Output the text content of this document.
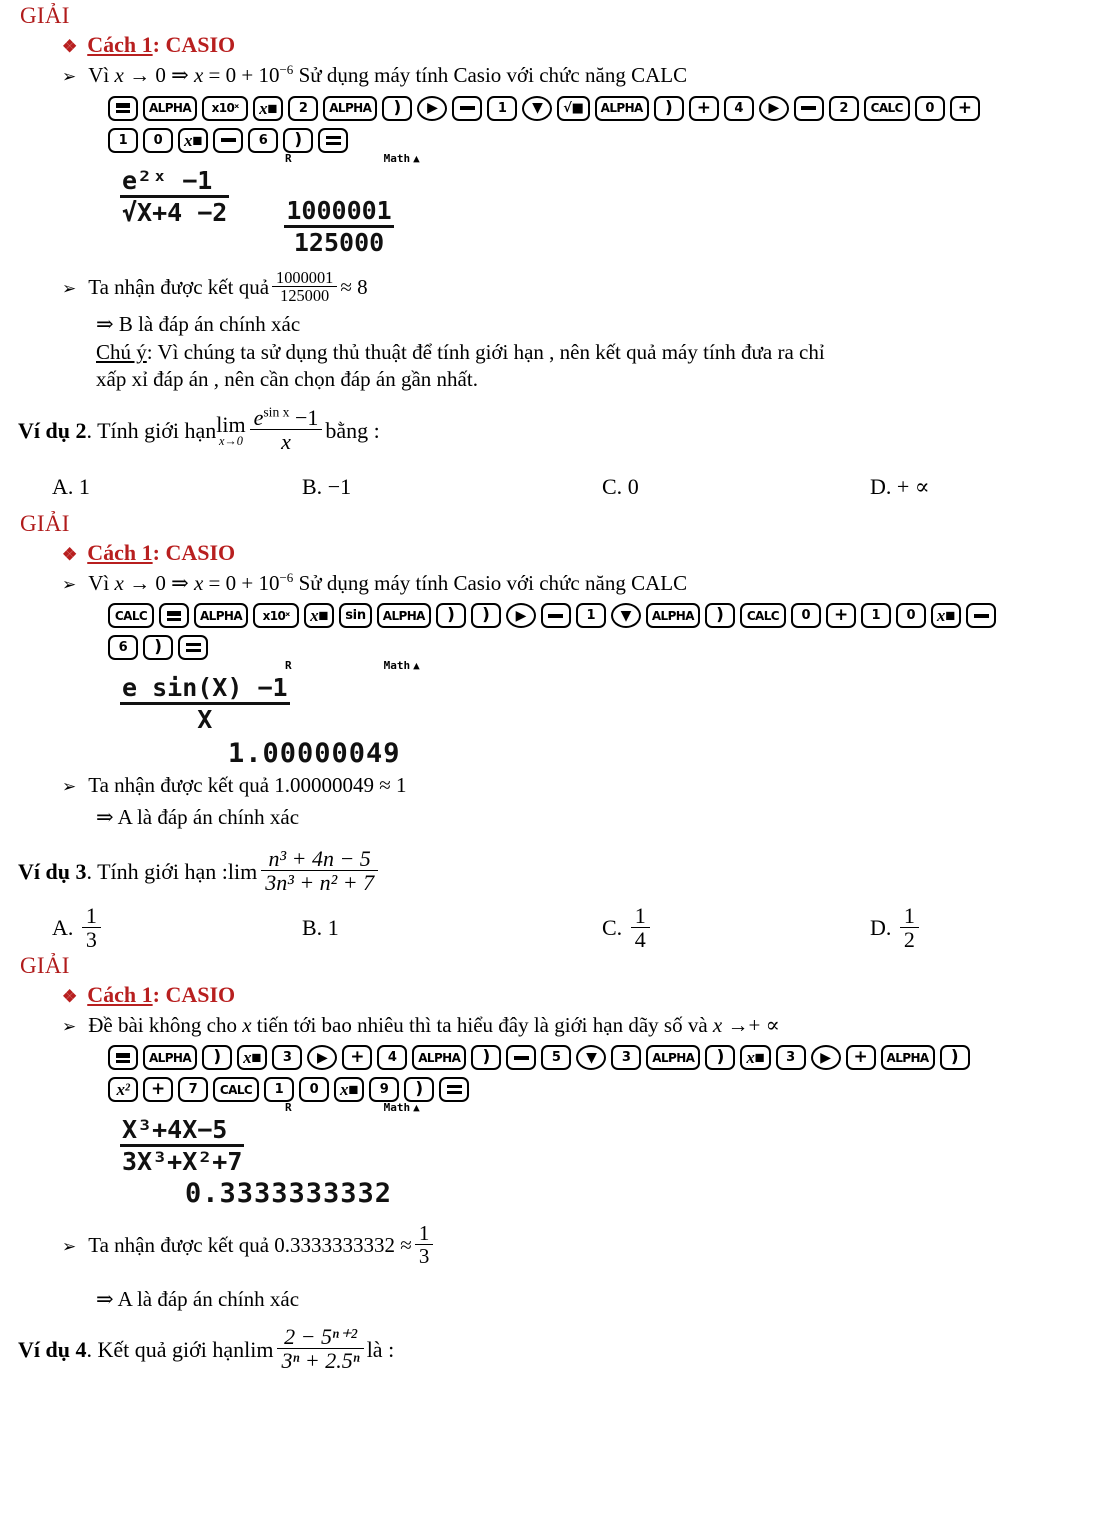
GIẢI
❖ Cách 1: CASIO
➢ Vì x → 0 ⇒ $x = 0 + 10^{-6}$ Sử dụng máy tính Casio với chức năng CALC
ALPHA	x10ˣ	x■	2	ALPHA	)	▶	1	▼	√■	ALPHA	)	+	4	▶	2	CALC	0	+
1	0	x■	6	)
R	Math ▲
$\frac{\text{e²ˣ −1}}{√X+4 -2}$
$\frac{1000001}{125000}$
➢ Ta nhận được kết quả $\frac{1000001}{125000}$ ≈
8
⇒ B là đáp án chính xác
Chú ý: Vì chúng ta sử dụng thủ thuật để tính giới hạn , nên kết quả máy tính đưa ra chỉ
xấp xỉ đáp án , nên cần chọn đáp án gần nhất.
Ví dụ 2 . Tính giới hạn lim
$x\to 0 \frac{e^{sin x} -1}{x}$ bằng :
A.
1	B.
−1	C.
0	D.
+ ∝
GIẢI
❖ Cách 1: CASIO
➢ Vì x → 0 ⇒ $x = 0 + 10^{-6}$ Sử dụng máy tính Casio với chức năng CALC
CALC	ALPHA	x10ˣ	x■	sin	ALPHA	)	)	▶	1	▼	ALPHA	)	CALC	0	+	1	0	x■
6	)
R	Math ▲
$\frac{\text{e sin(X) −1}}{X}$
1.00000049
➢ Ta nhận được kết quả 1.00000049 ≈ 1
⇒ A là đáp án chính xác
Ví dụ 3 . Tính giới hạn : $\lim \frac{\text{n³ + 4n − 5}}{\text{3n³ + n² + 7}}$
A.
$\frac{1}{3}$	B.
1	C.
$\frac{1}{4}$	D.
$\frac{1}{2}$
GIẢI
❖ Cách 1: CASIO
➢ Đề bài không cho x tiến tới bao nhiêu thì ta hiểu đây là giới hạn dãy số và x →+ ∝
ALPHA	)	x■	3	▶	+	4	ALPHA	)	5	▼	3	ALPHA	)	x■	3	▶	+	ALPHA	)
x²	+	7	CALC	1	0	x■	9	)
R	Math ▲
$\frac{\text{X³+4X−5}}{\text{3X³+X²+7}}$
0.3333333332
➢ Ta nhận được kết quả $0.3333333332 \approx \frac{1}{3}$
⇒ A là đáp án chính xác
Ví dụ 4 . Kết quả giới hạn $\lim \frac{\text{2 − 5ⁿ⁺²}}{\text{3ⁿ + 2.5ⁿ}}$ là :
